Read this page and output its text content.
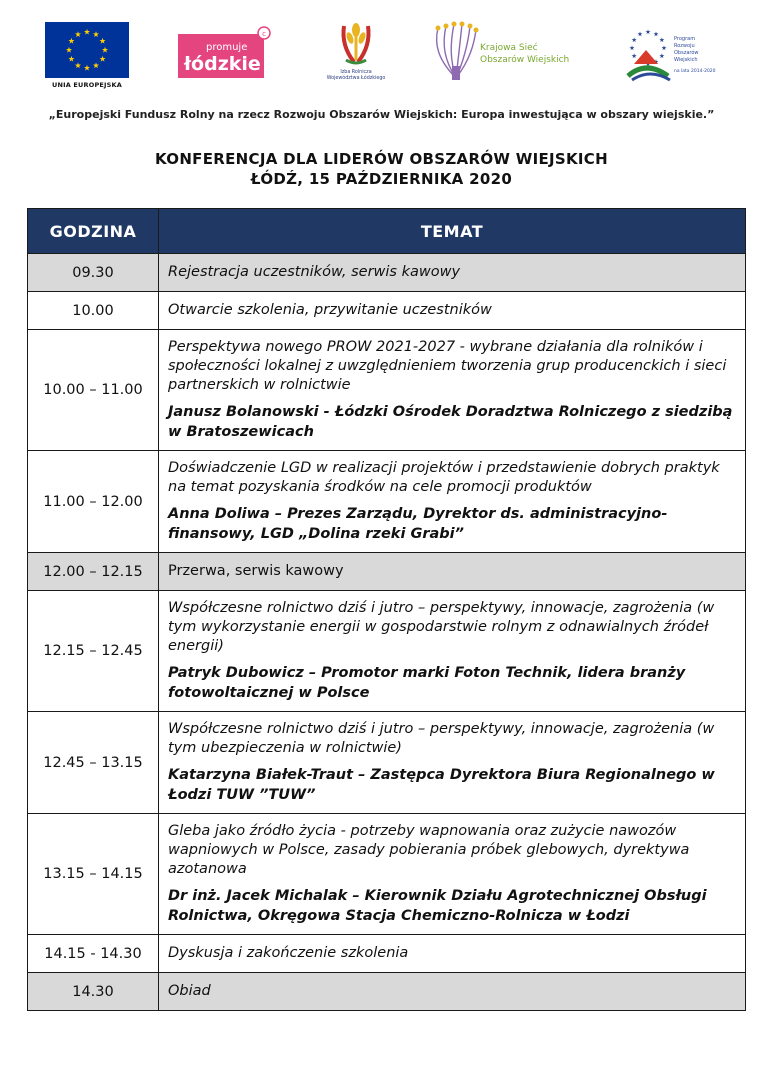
UNIA EUROPEJSKA
c
promuje
łódzkie	Izba Rolnicza
Województwa Łódzkiego
Krajowa Sieć
Obszarów Wiejskich
Program
Rozwoju
Obszarów
Wiejskich
na lata 2014-2020
„Europejski Fundusz Rolny na rzecz Rozwoju Obszarów Wiejskich: Europa inwestująca w obszary wiejskie.”
KONFERENCJA DLA LIDERÓW OBSZARÓW WIEJSKICH
ŁÓDŹ, 15 PAŹDZIERNIKA 2020
GODZINA	TEMAT
09.30	Rejestracja uczestników, serwis kawowy

10.00	Otwarcie szkolenia, przywitanie uczestników

10.00 – 11.00	Perspektywa nowego PROW 2021-2027 - wybrane działania dla rolników i społeczności lokalnej z uwzględnieniem tworzenia grup producenckich i sieci partnerskich w rolnictwie
Janusz Bolanowski - Łódzki Ośrodek Doradztwa Rolniczego z siedzibą w Bratoszewicach

11.00 – 12.00	Doświadczenie LGD w realizacji projektów i przedstawienie dobrych praktyk na temat pozyskania środków na cele promocji produktów
Anna Doliwa – Prezes Zarządu, Dyrektor ds. administracyjno-finansowy, LGD „Dolina rzeki Grabi”

12.00 – 12.15	Przerwa, serwis kawowy

12.15 – 12.45	Współczesne rolnictwo dziś i jutro – perspektywy, innowacje, zagrożenia (w tym wykorzystanie energii w gospodarstwie rolnym z odnawialnych źródeł energii)
Patryk Dubowicz – Promotor marki Foton Technik, lidera branży fotowoltaicznej w Polsce

12.45 – 13.15	Współczesne rolnictwo dziś i jutro – perspektywy, innowacje, zagrożenia (w tym ubezpieczenia w rolnictwie)
Katarzyna Białek-Traut – Zastępca Dyrektora Biura Regionalnego w Łodzi TUW ”TUW”

13.15 – 14.15	Gleba jako źródło życia - potrzeby wapnowania oraz zużycie nawozów wapniowych w Polsce, zasady pobierania próbek glebowych, dyrektywa azotanowa
Dr inż. Jacek Michalak – Kierownik Działu Agrotechnicznej Obsługi Rolnictwa, Okręgowa Stacja Chemiczno-Rolnicza w Łodzi

14.15 - 14.30	Dyskusja i zakończenie szkolenia

14.30	Obiad
